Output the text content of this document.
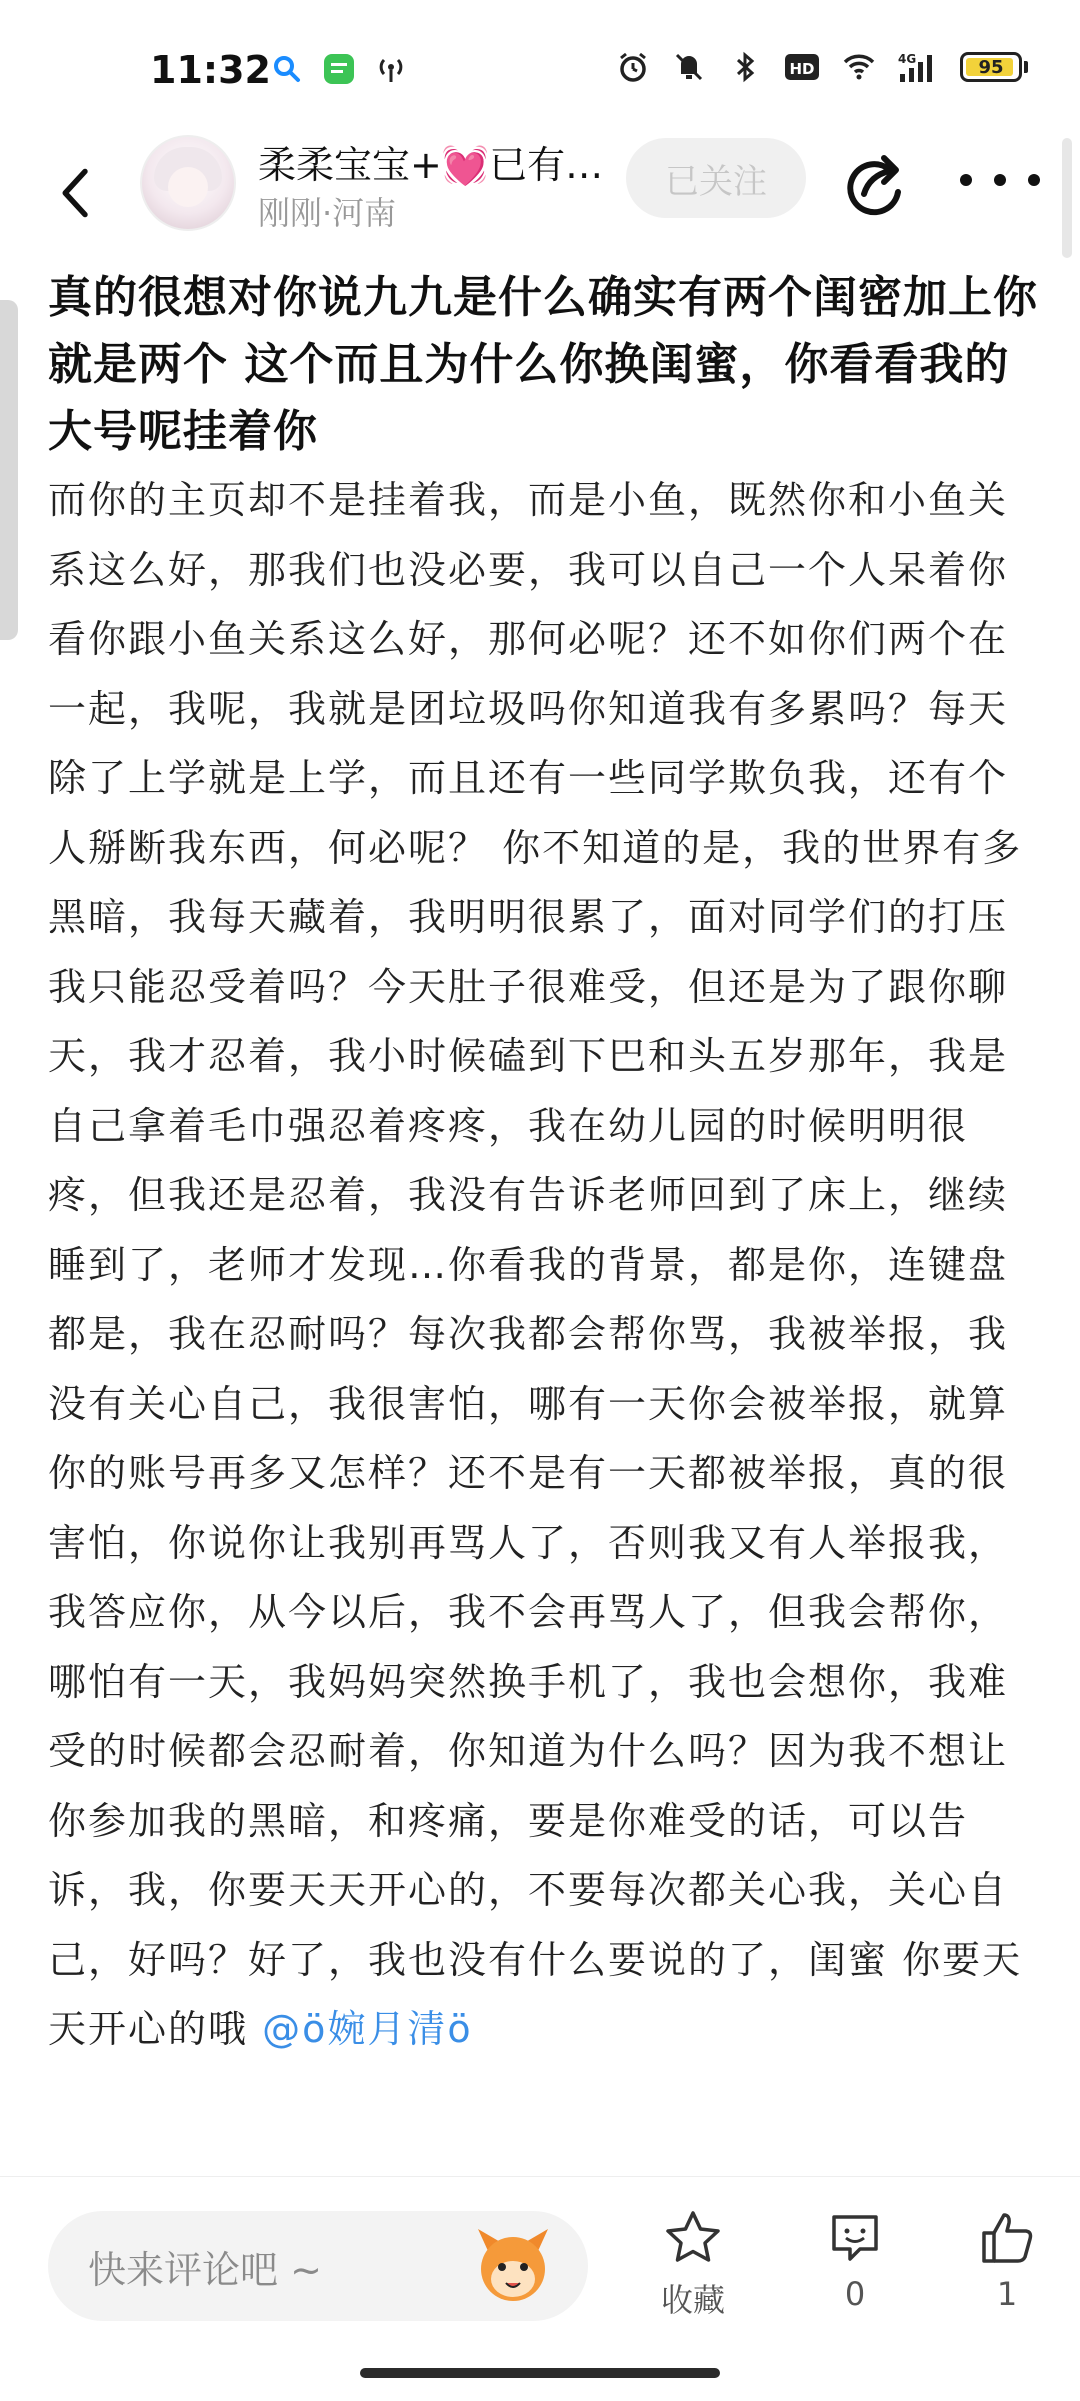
11:32	HD
4G	95
柔柔宝宝+💓已有…
刚刚·河南
已关注
真的很想对你说九九是什么确实有两个闺密加上你就是两个 这个而且为什么你换闺蜜，你看看我的大号呢挂着你
而你的主页却不是挂着我，而是小鱼，既然你和小鱼关系这么好，那我们也没必要，我可以自己一个人呆着你看你跟小鱼关系这么好，那何必呢？还不如你们两个在一起，我呢，我就是团垃圾吗你知道我有多累吗？每天除了上学就是上学，而且还有一些同学欺负我，还有个人掰断我东西，何必呢？ 你不知道的是，我的世界有多黑暗，我每天藏着，我明明很累了，面对同学们的打压我只能忍受着吗？今天肚子很难受，但还是为了跟你聊天，我才忍着，我小时候磕到下巴和头五岁那年，我是自己拿着毛巾强忍着疼疼，我在幼儿园的时候明明很疼，但我还是忍着，我没有告诉老师回到了床上，继续睡到了，老师才发现…你看我的背景，都是你，连键盘都是，我在忍耐吗？每次我都会帮你骂，我被举报，我没有关心自己，我很害怕，哪有一天你会被举报，就算你的账号再多又怎样？还不是有一天都被举报，真的很害怕，你说你让我别再骂人了，否则我又有人举报我，我答应你，从今以后，我不会再骂人了，但我会帮你，哪怕有一天，我妈妈突然换手机了，我也会想你，我难受的时候都会忍耐着，你知道为什么吗？因为我不想让你参加我的黑暗，和疼痛，要是你难受的话，可以告诉，我，你要天天开心的，不要每次都关心我，关心自己，好吗？好了，我也没有什么要说的了，闺蜜 你要天天开心的哦 @ö婉月清ö
快来评论吧 ~
收藏	0	1
